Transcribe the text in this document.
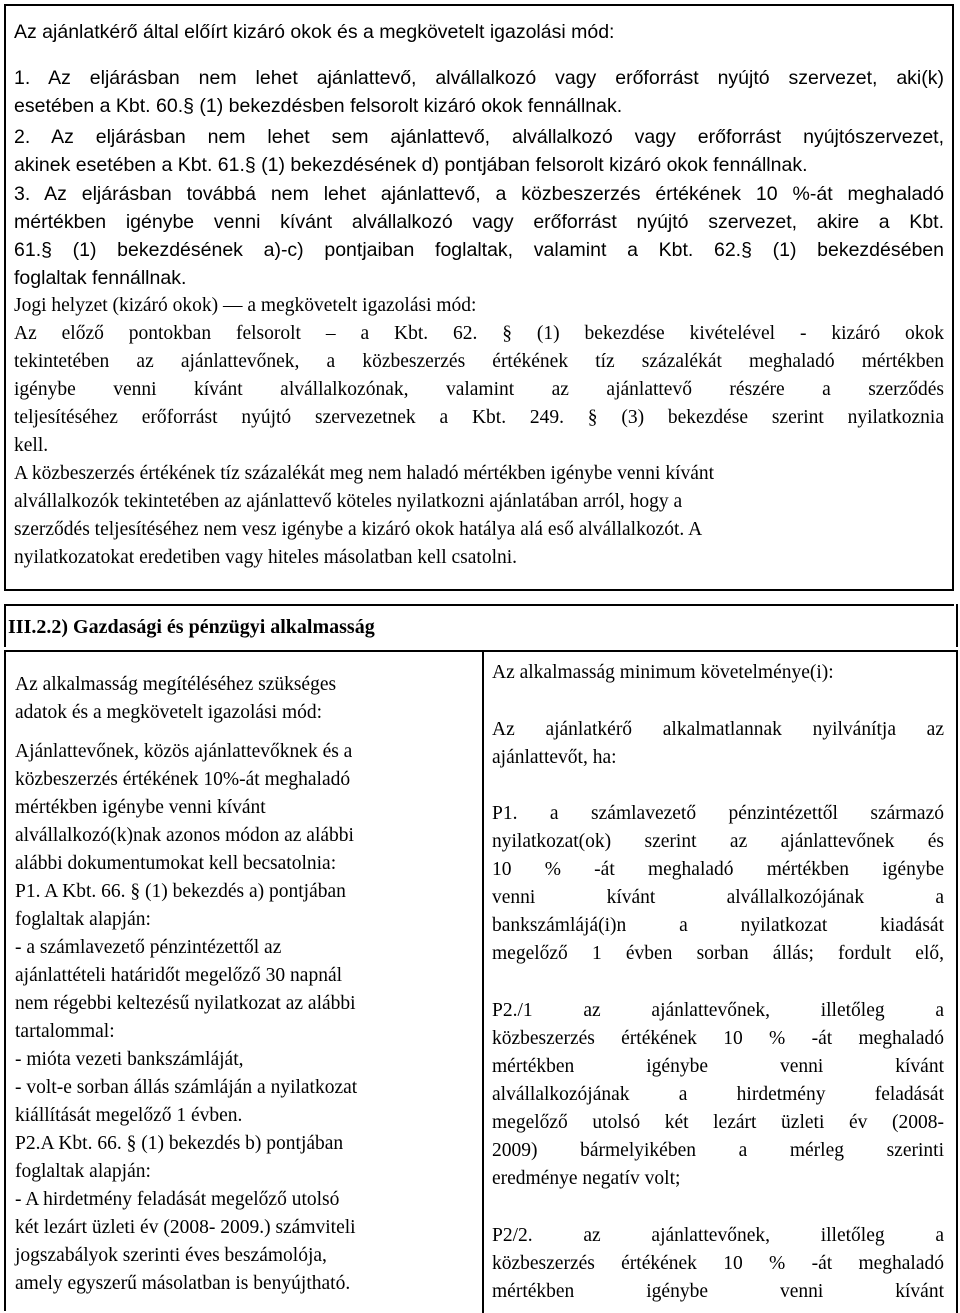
Az ajánlatkérő által előírt kizáró okok és a megkövetelt igazolási mód:

1. Az eljárásban nem lehet ajánlattevő, alvállalkozó vagy erőforrást nyújtó szervezet, aki(k)

esetében a Kbt. 60.§ (1) bekezdésben felsorolt kizáró okok fennállnak.

2. Az eljárásban nem lehet sem ajánlattevő, alvállalkozó vagy erőforrást nyújtószervezet,

akinek esetében a Kbt. 61.§ (1) bekezdésének d) pontjában felsorolt kizáró okok fennállnak.

3. Az eljárásban továbbá nem lehet ajánlattevő, a közbeszerzés értékének 10 %-át meghaladó

mértékben igénybe venni kívánt alvállalkozó vagy erőforrást nyújtó szervezet, akire a Kbt.

61.§ (1) bekezdésének a)-c) pontjaiban foglaltak, valamint a Kbt. 62.§ (1) bekezdésében

foglaltak fennállnak.

Jogi helyzet (kizáró okok) — a megkövetelt igazolási mód:

Az előző pontokban felsorolt – a Kbt. 62. § (1) bekezdése kivételével - kizáró okok

tekintetében az ajánlattevőnek, a közbeszerzés értékének tíz százalékát meghaladó mértékben

igénybe venni kívánt alvállalkozónak, valamint az ajánlattevő részére a szerződés

teljesítéséhez erőforrást nyújtó szervezetnek a Kbt. 249. § (3) bekezdése szerint nyilatkoznia

kell.

A közbeszerzés értékének tíz százalékát meg nem haladó mértékben igénybe venni kívánt

alvállalkozók tekintetében az ajánlattevő köteles nyilatkozni ajánlatában arról, hogy a

szerződés teljesítéséhez nem vesz igénybe a kizáró okok hatálya alá eső alvállalkozót. A

nyilatkozatokat eredetiben vagy hiteles másolatban kell csatolni.

III.2.2) Gazdasági és pénzügyi alkalmasság

Az alkalmasság megítéléséhez szükséges

adatok és a megkövetelt igazolási mód:

Ajánlattevőnek, közös ajánlattevőknek és a

közbeszerzés értékének 10%-át meghaladó

mértékben igénybe venni kívánt

alvállalkozó(k)nak azonos módon az alábbi

alábbi dokumentumokat kell becsatolnia:

P1. A Kbt. 66. § (1) bekezdés a) pontjában

foglaltak alapján:

- a számlavezető pénzintézettől az

ajánlattételi határidőt megelőző 30 napnál

nem régebbi keltezésű nyilatkozat az alábbi

tartalommal:

- mióta vezeti bankszámláját,

- volt-e sorban állás számláján a nyilatkozat

kiállítását megelőző 1 évben.

P2.A Kbt. 66. § (1) bekezdés b) pontjában

foglaltak alapján:

- A hirdetmény feladását megelőző utolsó

két lezárt üzleti év (2008- 2009.) számviteli

jogszabályok szerinti éves beszámolója,

amely egyszerű másolatban is benyújtható.

Az alkalmasság minimum követelménye(i):

Az ajánlatkérő alkalmatlannak nyilvánítja az

ajánlattevőt, ha:

P1. a számlavezető pénzintézettől származó

nyilatkozat(ok) szerint az ajánlattevőnek és

10 % -át meghaladó mértékben igénybe

venni kívánt alvállalkozójának a

bankszámlájá(i)n a nyilatkozat kiadását

megelőző 1 évben sorban állás; fordult elő,

P2./1 az ajánlattevőnek, illetőleg a

közbeszerzés értékének 10 % -át meghaladó

mértékben igénybe venni kívánt

alvállalkozójának a hirdetmény feladását

megelőző utolsó két lezárt üzleti év (2008-

2009) bármelyikében a mérleg szerinti

eredménye negatív volt;

P2/2. az ajánlattevőnek, illetőleg a

közbeszerzés értékének 10 % -át meghaladó

mértékben igénybe venni kívánt
